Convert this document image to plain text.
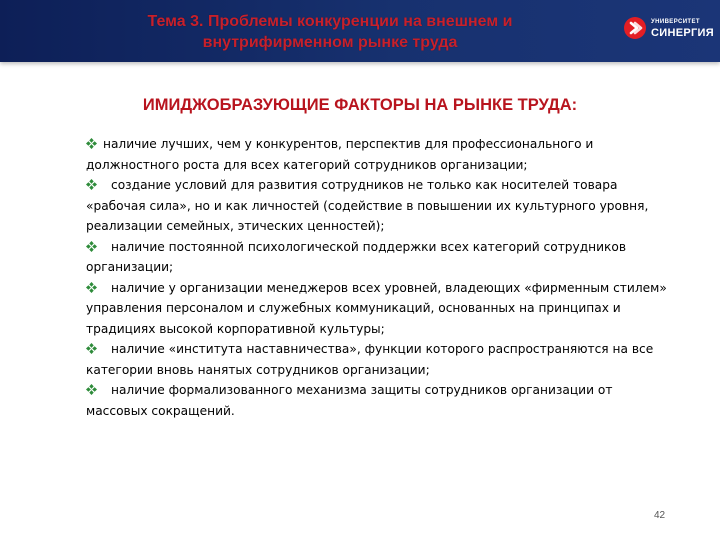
Тема 3. Проблемы конкуренции на внешнем и
внутрифирменном рынке труда
УНИВЕРСИТЕТ
СИНЕРГИЯ
ИМИДЖОБРАЗУЮЩИЕ ФАКТОРЫ НА РЫНКЕ ТРУДА:
наличие лучших, чем у конкурентов, перспектив для профессионального и должностного роста для всех категорий сотрудников организации;
создание условий для развития сотрудников не только как носителей товара «рабочая сила», но и как личностей (содействие в повышении их культурного уровня, реализации семейных, этических ценностей);
наличие постоянной психологической поддержки всех категорий сотрудников организации;
наличие у организации менеджеров всех уровней, владеющих «фирменным стилем» управления персоналом и служебных коммуникаций, основанных на принципах и традициях высокой корпоративной культуры;
наличие «института наставничества», функции которого распространяются на все категории вновь нанятых сотрудников организации;
наличие формализованного механизма защиты сотрудников организации от массовых сокращений.
42
